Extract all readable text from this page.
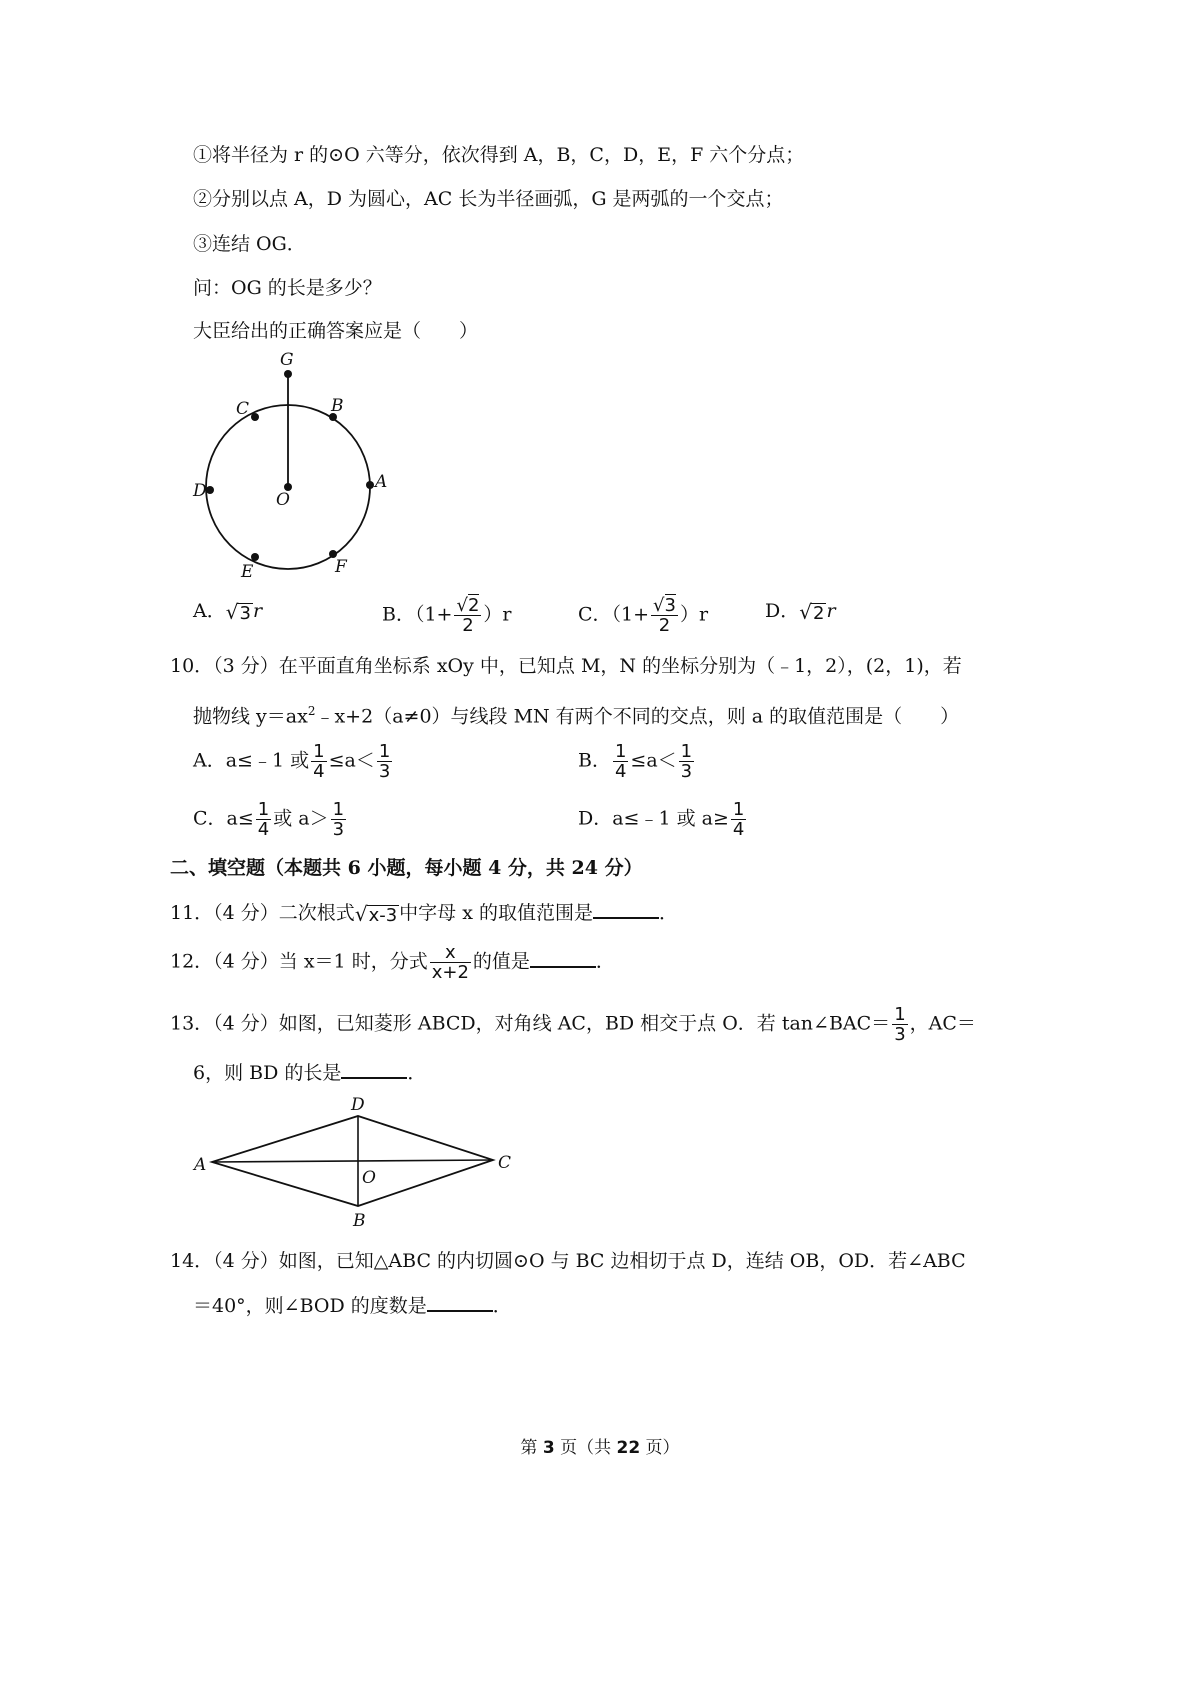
①将半径为 r 的⊙O 六等分，依次得到 A，B，C，D，E，F 六个分点；
②分别以点 A，D 为圆心，AC 长为半径画弧，G 是两弧的一个交点；
③连结 OG．
问：OG 的长是多少？
大臣给出的正确答案应是（　　）
G
C	B
D	O
A
E	F
A．√3 r	B．$(1+ \frac{√2}{2} )r$	C．$(1+ \frac{√3}{2} )r$	D．√2 r
10．（3 分）在平面直角坐标系 xOy 中，已知点 M，N 的坐标分别为（﹣1，2），(2，1)，若
抛物线 $y=ax^2﹣x+2(a\ne 0)$与线段 MN 有两个不同的交点，则 a 的取值范围是（　　）
A．a≤﹣1 或 $\frac{1}{4} \le a< \frac{1}{3}$	B． $\frac{1}{4} \le a< \frac{1}{3}$
C．$a\le \frac{1}{4}$ 或 $a> \frac{1}{3}$	D．a≤﹣1 或 $a\ge \frac{1}{4}$
二、填空题（本题共 6 小题，每小题 4 分，共 24 分）
11．（4 分）二次根式√x-3 中字母 x 的取值范围是	．
12．（4 分）当 x＝1 时，分式 $\frac{x}{x+2}$ 的值是	．
13．（4 分）如图，已知菱形 ABCD，对角线 AC，BD 相交于点 O．若 tan∠BAC＝ $\frac{1}{3}$ ，AC＝
6，则 BD 的长是	．
D
A
O
C
B
14．（4 分）如图，已知△ABC 的内切圆⊙O 与 BC 边相切于点 D，连结 OB，OD．若∠ABC
＝40°，则∠BOD 的度数是	．
第 3 页（共 22 页）
